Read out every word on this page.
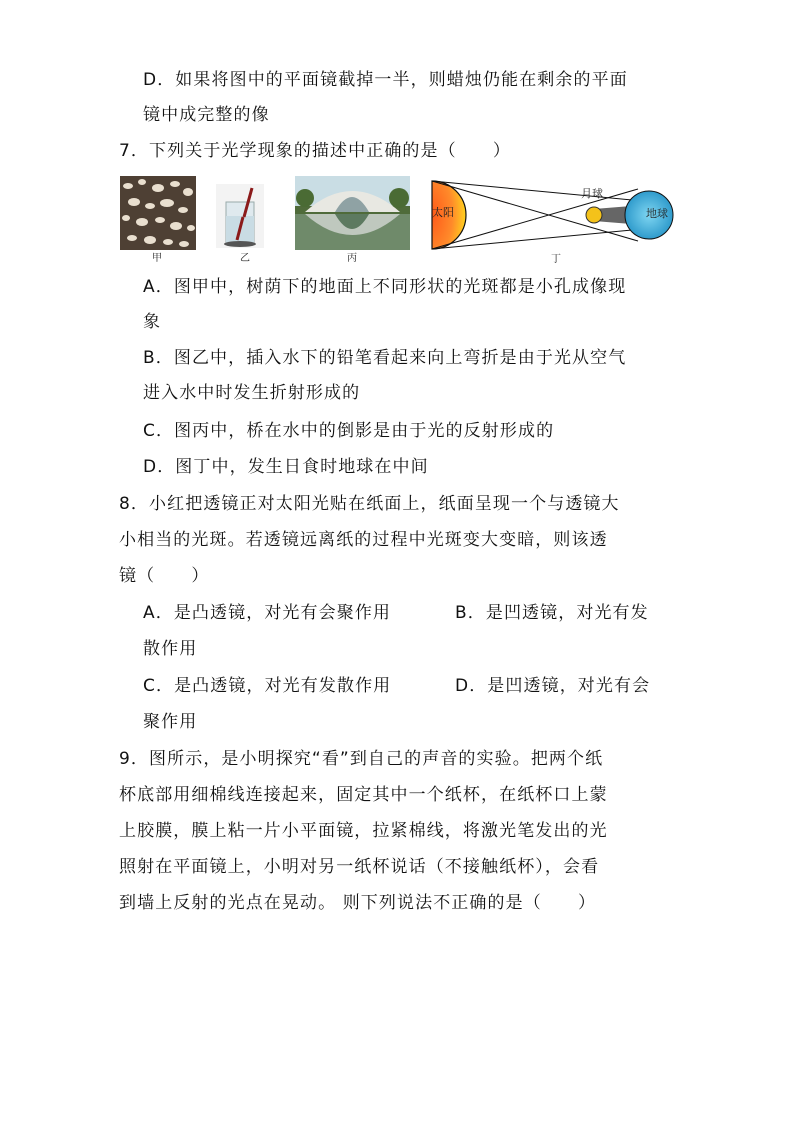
D．如果将图中的平面镜截掉一半，则蜡烛仍能在剩余的平面
镜中成完整的像
7．下列关于光学现象的描述中正确的是（　　）
甲	乙	丙
太阳
月球
地球
丁
A．图甲中，树荫下的地面上不同形状的光斑都是小孔成像现
象
B．图乙中，插入水下的铅笔看起来向上弯折是由于光从空气
进入水中时发生折射形成的
C．图丙中，桥在水中的倒影是由于光的反射形成的
D．图丁中，发生日食时地球在中间
8．小红把透镜正对太阳光贴在纸面上，纸面呈现一个与透镜大
小相当的光斑。若透镜远离纸的过程中光斑变大变暗，则该透
镜（　　）
A．是凸透镜，对光有会聚作用	B．是凹透镜，对光有发
散作用
C．是凸透镜，对光有发散作用	D．是凹透镜，对光有会
聚作用
9．图所示，是小明探究“看”到自己的声音的实验。把两个纸
杯底部用细棉线连接起来，固定其中一个纸杯，在纸杯口上蒙
上胶膜，膜上粘一片小平面镜，拉紧棉线，将激光笔发出的光
照射在平面镜上，小明对另一纸杯说话（不接触纸杯），会看
到墙上反射的光点在晃动。 则下列说法不正确的是（　　）
